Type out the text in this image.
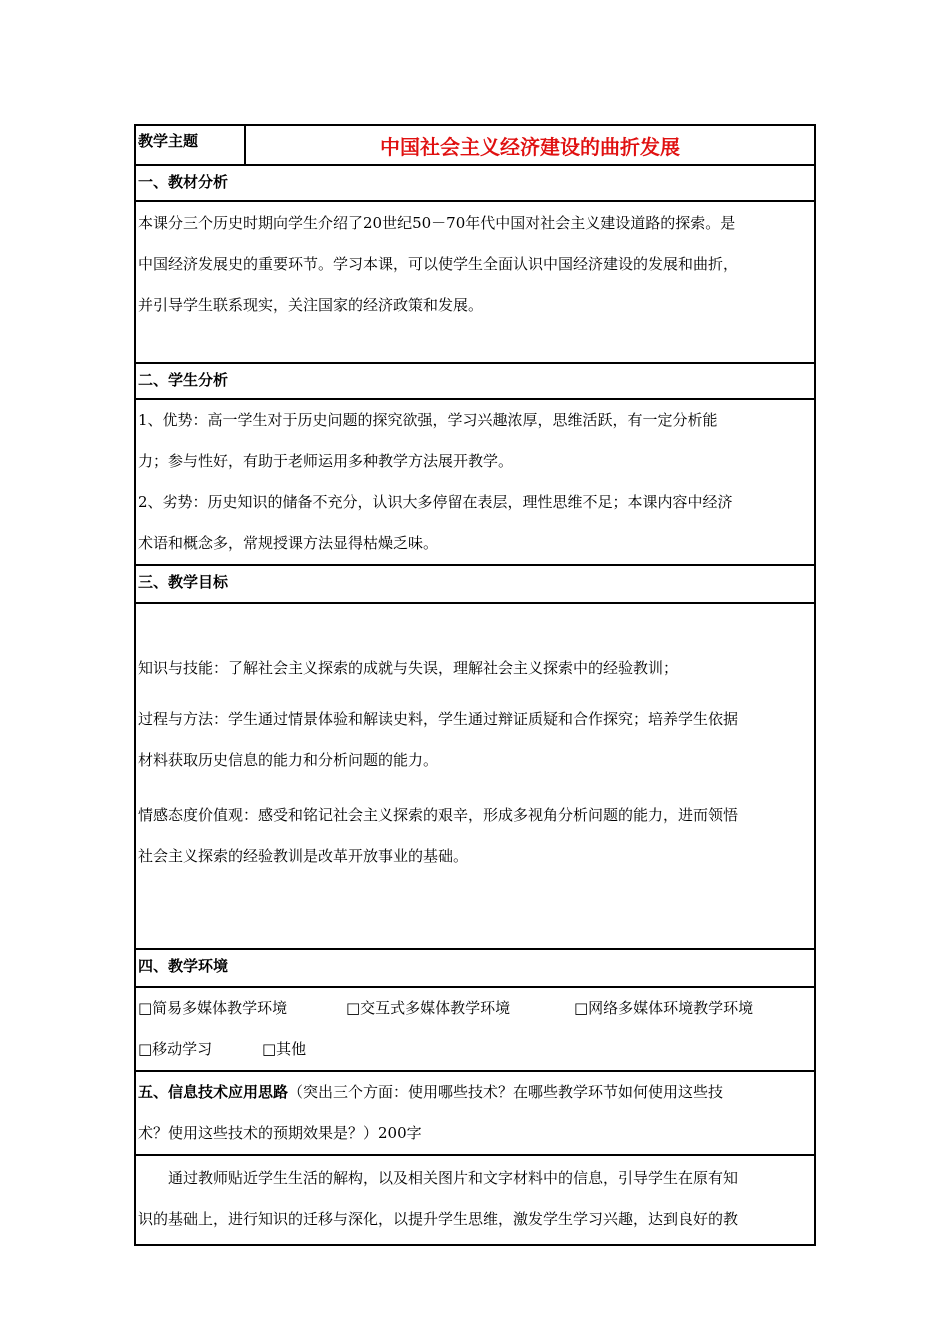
教学主题	中国社会主义经济建设的曲折发展
一、教材分析

本课分三个历史时期向学生介绍了20世纪50－70年代中国对社会主义建设道路的探索。是

中国经济发展史的重要环节。学习本课，可以使学生全面认识中国经济建设的发展和曲折，

并引导学生联系现实，关注国家的经济政策和发展。

二、学生分析

1、优势：高一学生对于历史问题的探究欲强，学习兴趣浓厚，思维活跃，有一定分析能

力；参与性好，有助于老师运用多种教学方法展开教学。

2、劣势：历史知识的储备不充分，认识大多停留在表层，理性思维不足；本课内容中经济

术语和概念多，常规授课方法显得枯燥乏味。

三、教学目标

知识与技能：了解社会主义探索的成就与失误，理解社会主义探索中的经验教训；

过程与方法：学生通过情景体验和解读史料，学生通过辩证质疑和合作探究；培养学生依据

材料获取历史信息的能力和分析问题的能力。

情感态度价值观：感受和铭记社会主义探索的艰辛，形成多视角分析问题的能力，进而领悟

社会主义探索的经验教训是改革开放事业的基础。

四、教学环境

□简易多媒体教学环境	□交互式多媒体教学环境	□网络多媒体环境教学环境
□移动学习	□其他

五、信息技术应用思路（突出三个方面：使用哪些技术？在哪些教学环节如何使用这些技
术？使用这些技术的预期效果是？）200字

通过教师贴近学生生活的解构，以及相关图片和文字材料中的信息，引导学生在原有知

识的基础上，进行知识的迁移与深化，以提升学生思维，激发学生学习兴趣，达到良好的教
